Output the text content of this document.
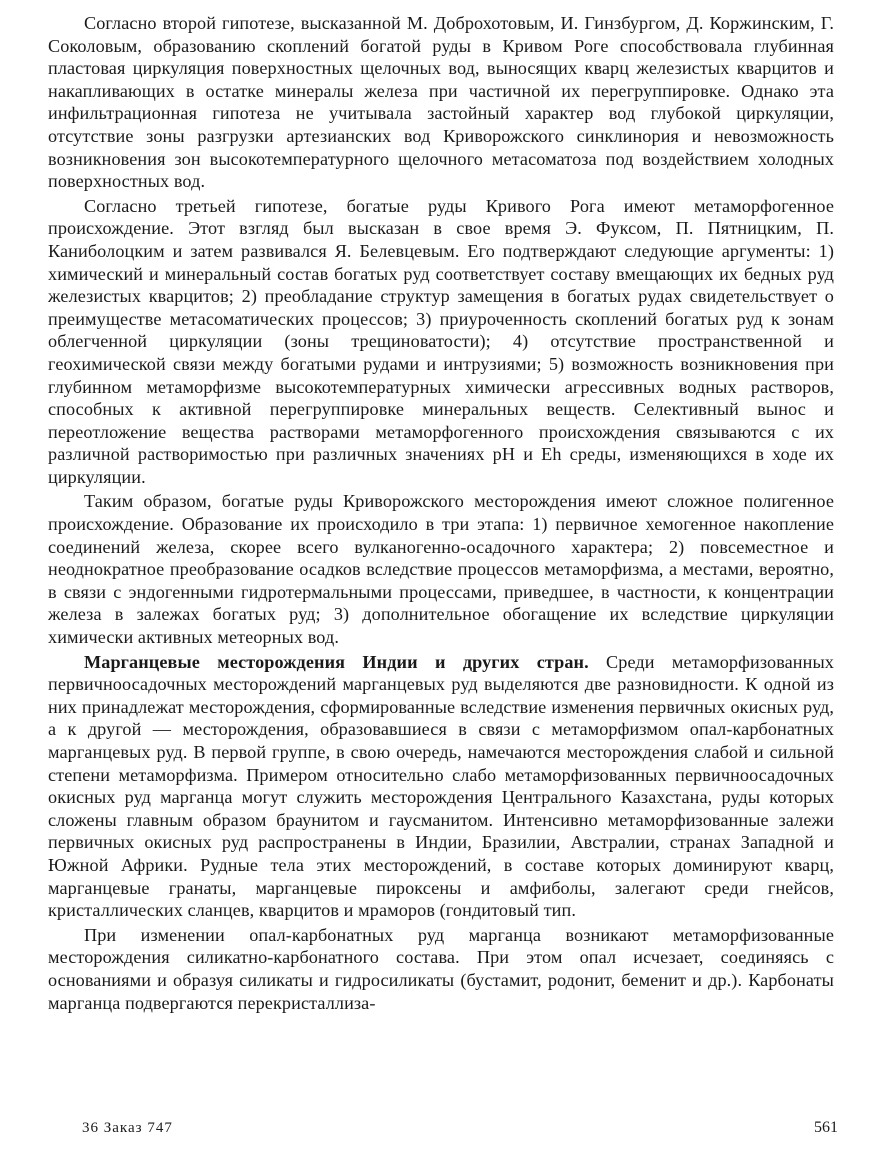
Согласно второй гипотезе, высказанной М. Доброхотовым, И. Гинзбургом, Д. Коржинским, Г. Соколовым, образованию скоплений богатой руды в Кривом Роге способствовала глубинная пластовая циркуляция поверхностных щелочных вод, выносящих кварц железистых кварцитов и накапливающих в остатке минералы железа при частичной их перегруппировке. Однако эта инфильтрационная гипотеза не учитывала застойный характер вод глубокой циркуляции, отсутствие зоны разгрузки артезианских вод Криворожского синклинория и невозможность возникновения зон высокотемпературного щелочного метасоматоза под воздействием холодных поверхностных вод.

Согласно третьей гипотезе, богатые руды Кривого Рога имеют метаморфогенное происхождение. Этот взгляд был высказан в свое время Э. Фуксом, П. Пятницким, П. Каниболоцким и затем развивался Я. Белевцевым. Его подтверждают следующие аргументы: 1) химический и минеральный состав богатых руд соответствует составу вмещающих их бедных руд железистых кварцитов; 2) преобладание структур замещения в богатых рудах свидетельствует о преимуществе метасоматических процессов; 3) приуроченность скоплений богатых руд к зонам облегченной циркуляции (зоны трещиноватости); 4) отсутствие пространственной и геохимической связи между богатыми рудами и интрузиями; 5) возможность возникновения при глубинном метаморфизме высокотемпературных химически агрессивных водных растворов, способных к активной перегруппировке минеральных веществ. Селективный вынос и переотложение вещества растворами метаморфогенного происхождения связываются с их различной растворимостью при различных значениях pH и Eh среды, изменяющихся в ходе их циркуляции.

Таким образом, богатые руды Криворожского месторождения имеют сложное полигенное происхождение. Образование их происходило в три этапа: 1) первичное хемогенное накопление соединений железа, скорее всего вулканогенно-осадочного характера; 2) повсеместное и неоднократное преобразование осадков вследствие процессов метаморфизма, а местами, вероятно, в связи с эндогенными гидротермальными процессами, приведшее, в частности, к концентрации железа в залежах богатых руд; 3) дополнительное обогащение их вследствие циркуляции химически активных метеорных вод.

Марганцевые месторождения Индии и других стран. Среди метаморфизованных первичноосадочных месторождений марганцевых руд выделяются две разновидности. К одной из них принадлежат месторождения, сформированные вследствие изменения первичных окисных руд, а к другой — месторождения, образовавшиеся в связи с метаморфизмом опал-карбонатных марганцевых руд. В первой группе, в свою очередь, намечаются месторождения слабой и сильной степени метаморфизма. Примером относительно слабо метаморфизованных первичноосадочных окисных руд марганца могут служить месторождения Центрального Казахстана, руды которых сложены главным образом браунитом и гаусманитом. Интенсивно метаморфизованные залежи первичных окисных руд распространены в Индии, Бразилии, Австралии, странах Западной и Южной Африки. Рудные тела этих месторождений, в составе которых доминируют кварц, марганцевые гранаты, марганцевые пироксены и амфиболы, залегают среди гнейсов, кристаллических сланцев, кварцитов и мраморов (гондитовый тип.

При изменении опал-карбонатных руд марганца возникают метаморфизованные месторождения силикатно-карбонатного состава. При этом опал исчезает, соединяясь с основаниями и образуя силикаты и гидросиликаты (бустамит, родонит, беменит и др.). Карбонаты марганца подвергаются перекристаллиза-

36 Заказ 747	561
